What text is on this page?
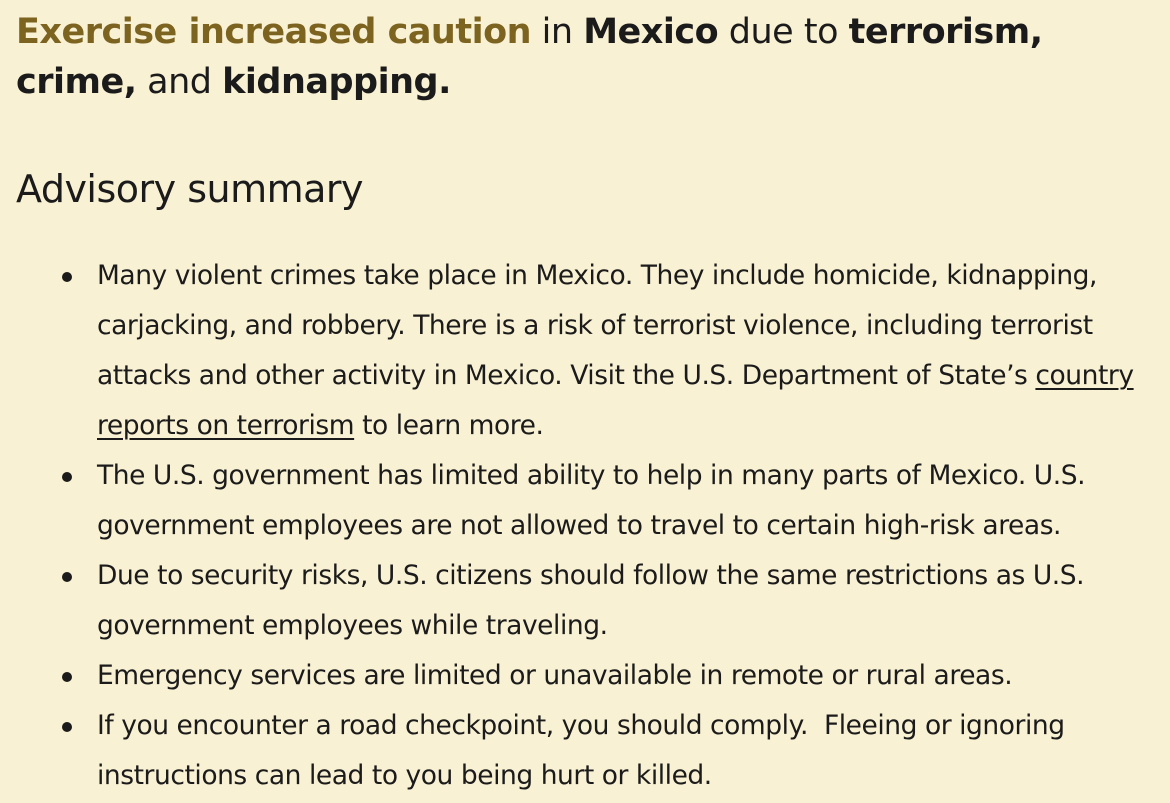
Exercise increased caution in Mexico due to terrorism, crime, and kidnapping.

Advisory summary
Many violent crimes take place in Mexico. They include homicide, kidnapping, carjacking, and robbery. There is a risk of terrorist violence, including terrorist attacks and other activity in Mexico. Visit the U.S. Department of State’s country reports on terrorism to learn more.
The U.S. government has limited ability to help in many parts of Mexico. U.S. government employees are not allowed to travel to certain high-risk areas.
Due to security risks, U.S. citizens should follow the same restrictions as U.S. government employees while traveling.
Emergency services are limited or unavailable in remote or rural areas.
If you encounter a road checkpoint, you should comply.  Fleeing or ignoring instructions can lead to you being hurt or killed.
